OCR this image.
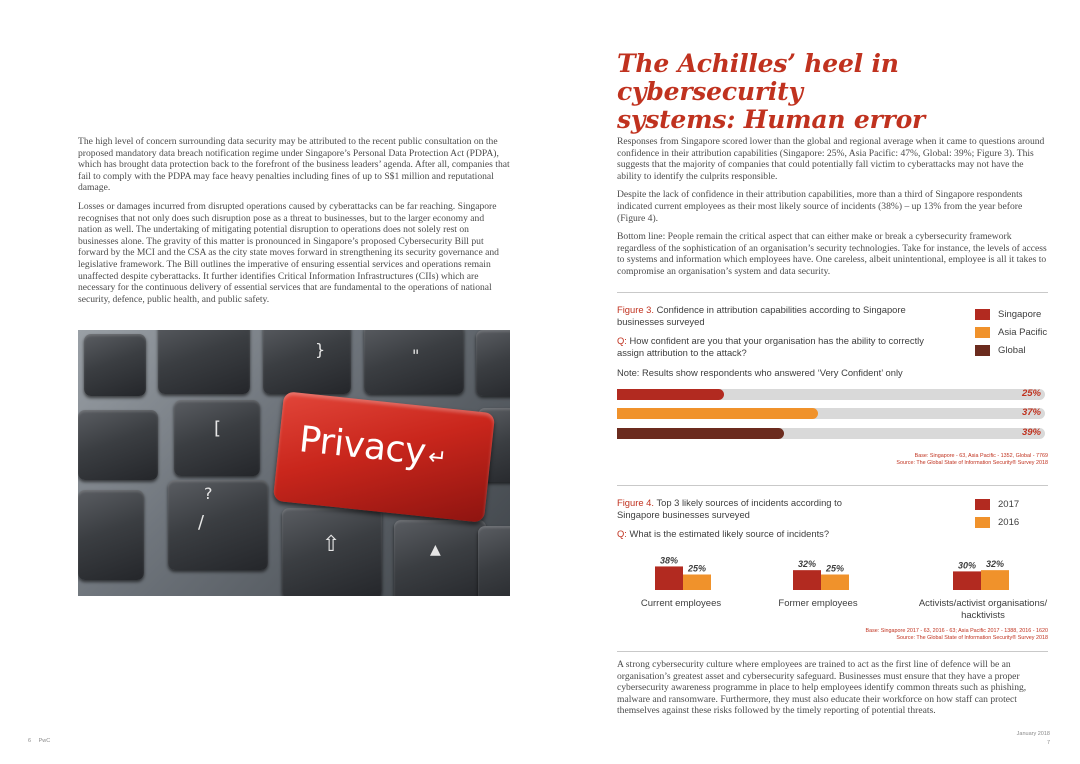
The high level of concern surrounding data security may be attributed to the recent public consultation on the proposed mandatory data breach notification regime under Singapore’s Personal Data Protection Act (PDPA), which has brought data protection back to the forefront of the business leaders’ agenda. After all, companies that fail to comply with the PDPA may face heavy penalties including fines of up to S$1 million and reputational damage.

Losses or damages incurred from disrupted operations caused by cyberattacks can be far reaching. Singapore recognises that not only does such disruption pose as a threat to businesses, but to the larger economy and nation as well. The undertaking of mitigating potential disruption to operations does not solely rest on businesses alone. The gravity of this matter is pronounced in Singapore’s proposed Cybersecurity Bill put forward by the MCI and the CSA as the city state moves forward in strengthening its security governance and legislative framework. The Bill outlines the imperative of ensuring essential services and operations remain unaffected despite cyberattacks. It further identifies Critical Information Infrastructures (CIIs) which are necessary for the continuous delivery of essential services that are fundamental to the operations of national security, defence, public health, and public safety.

}	"
[
?
/
⇧	▲
Privacy ↵
6 PwC

The Achilles’ heel in cybersecurity

systems: Human error

Responses from Singapore scored lower than the global and regional average when it came to questions around confidence in their attribution capabilities (Singapore: 25%, Asia Pacific: 47%, Global: 39%; Figure 3). This suggests that the majority of companies that could potentially fall victim to cyberattacks may not have the ability to identify the culprits responsible.

Despite the lack of confidence in their attribution capabilities, more than a third of Singapore respondents indicated current employees as their most likely source of incidents (38%) – up 13% from the year before (Figure 4).

Bottom line: People remain the critical aspect that can either make or break a cybersecurity framework regardless of the sophistication of an organisation’s security technologies. Take for instance, the levels of access to systems and information which employees have. One careless, albeit unintentional, employee is all it takes to compromise an organisation’s system and data security.

Figure 3. Confidence in attribution capabilities according to Singapore businesses surveyed
Q: How confident are you that your organisation has the ability to correctly assign attribution to the attack?
Note: Results show respondents who answered ‘Very Confident’ only
Singapore
Asia Pacific
Global
25%
37%
39%
Base: Singapore - 63, Asia Pacific - 1352, Global - 7769
Source: The Global State of Information Security® Survey 2018
Figure 4. Top 3 likely sources of incidents according to Singapore businesses surveyed
Q: What is the estimated likely source of incidents?
2017
2016
38%
25%	32% 25%	30% 32%
Current employees	Former employees	Activists/activist organisations/ hacktivists
Base: Singapore 2017 - 63, 2016 - 63; Asia Pacific 2017 - 1388, 2016 - 1620
Source: The Global State of Information Security® Survey 2018

A strong cybersecurity culture where employees are trained to act as the first line of defence will be an organisation’s greatest asset and cybersecurity safeguard. Businesses must ensure that they have a proper cybersecurity awareness programme in place to help employees identify common threats such as phishing, malware and ransomware. Furthermore, they must also educate their workforce on how staff can protect themselves against these risks followed by the timely reporting of potential threats.

January 2018
7
